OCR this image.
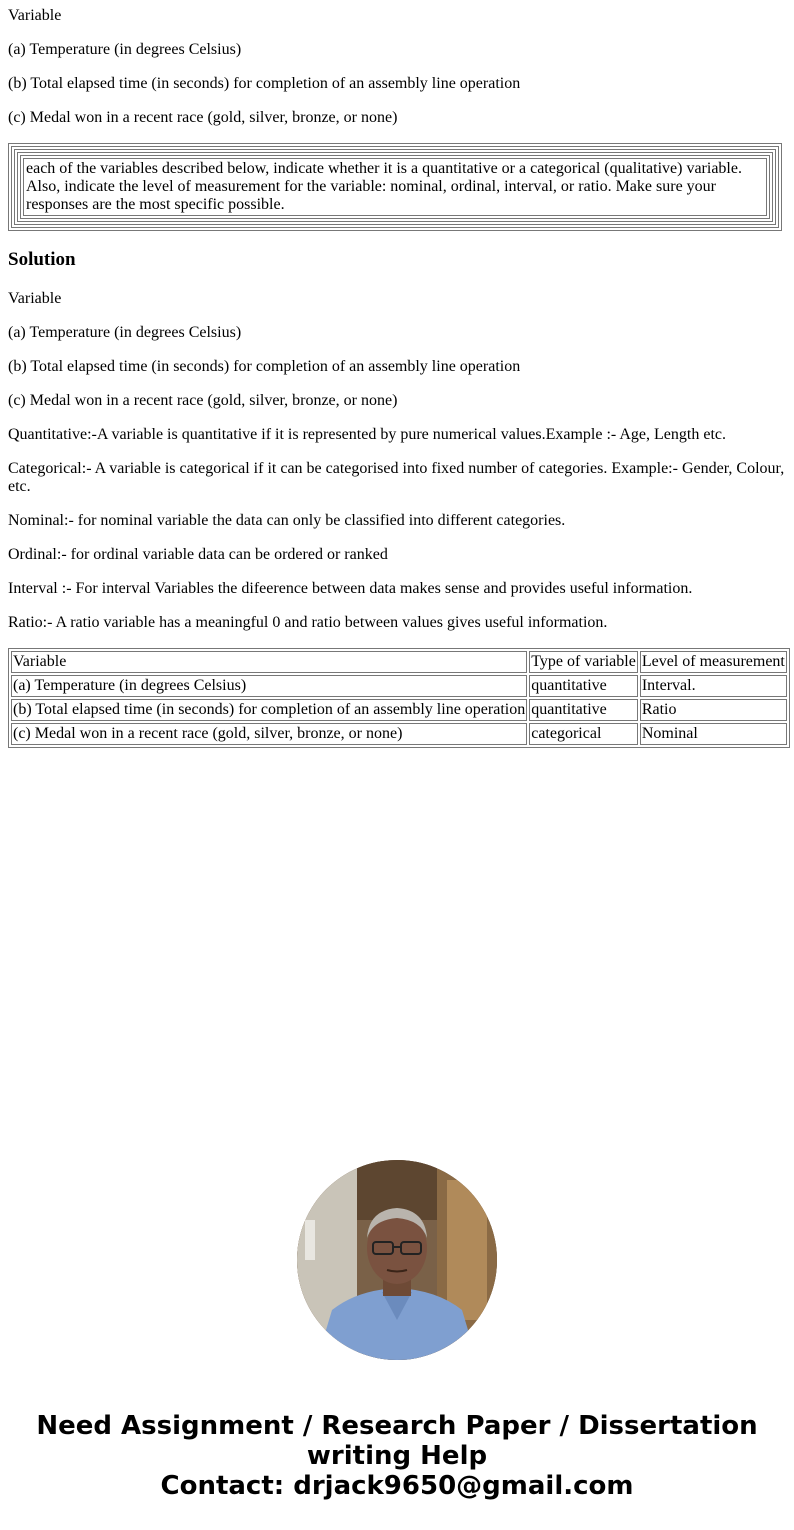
Variable

(a) Temperature (in degrees Celsius)

(b) Total elapsed time (in seconds) for completion of an assembly line operation

(c) Medal won in a recent race (gold, silver, bronze, or none)

each of the variables described below, indicate whether it is a quantitative or a categorical (qualitative) variable. Also, indicate the level of measurement for the variable: nominal, ordinal, interval, or ratio. Make sure your responses are the most specific possible.
Solution

Variable

(a) Temperature (in degrees Celsius)

(b) Total elapsed time (in seconds) for completion of an assembly line operation

(c) Medal won in a recent race (gold, silver, bronze, or none)

Quantitative:-A variable is quantitative if it is represented by pure numerical values.Example :- Age, Length etc.

Categorical:- A variable is categorical if it can be categorised into fixed number of categories. Example:- Gender, Colour, etc.

Nominal:- for nominal variable the data can only be classified into different categories.

Ordinal:- for ordinal variable data can be ordered or ranked

Interval :- For interval Variables the difeerence between data makes sense and provides useful information.

Ratio:- A ratio variable has a meaningful 0 and ratio between values gives useful information.

Variable	Type of variable	Level of measurement
(a) Temperature (in degrees Celsius)	quantitative	Interval.
(b) Total elapsed time (in seconds) for completion of an assembly line operation	quantitative	Ratio
(c) Medal won in a recent race (gold, silver, bronze, or none)	categorical	Nominal
Need Assignment / Research Paper / Dissertation
writing Help
Contact: drjack9650@gmail.com
